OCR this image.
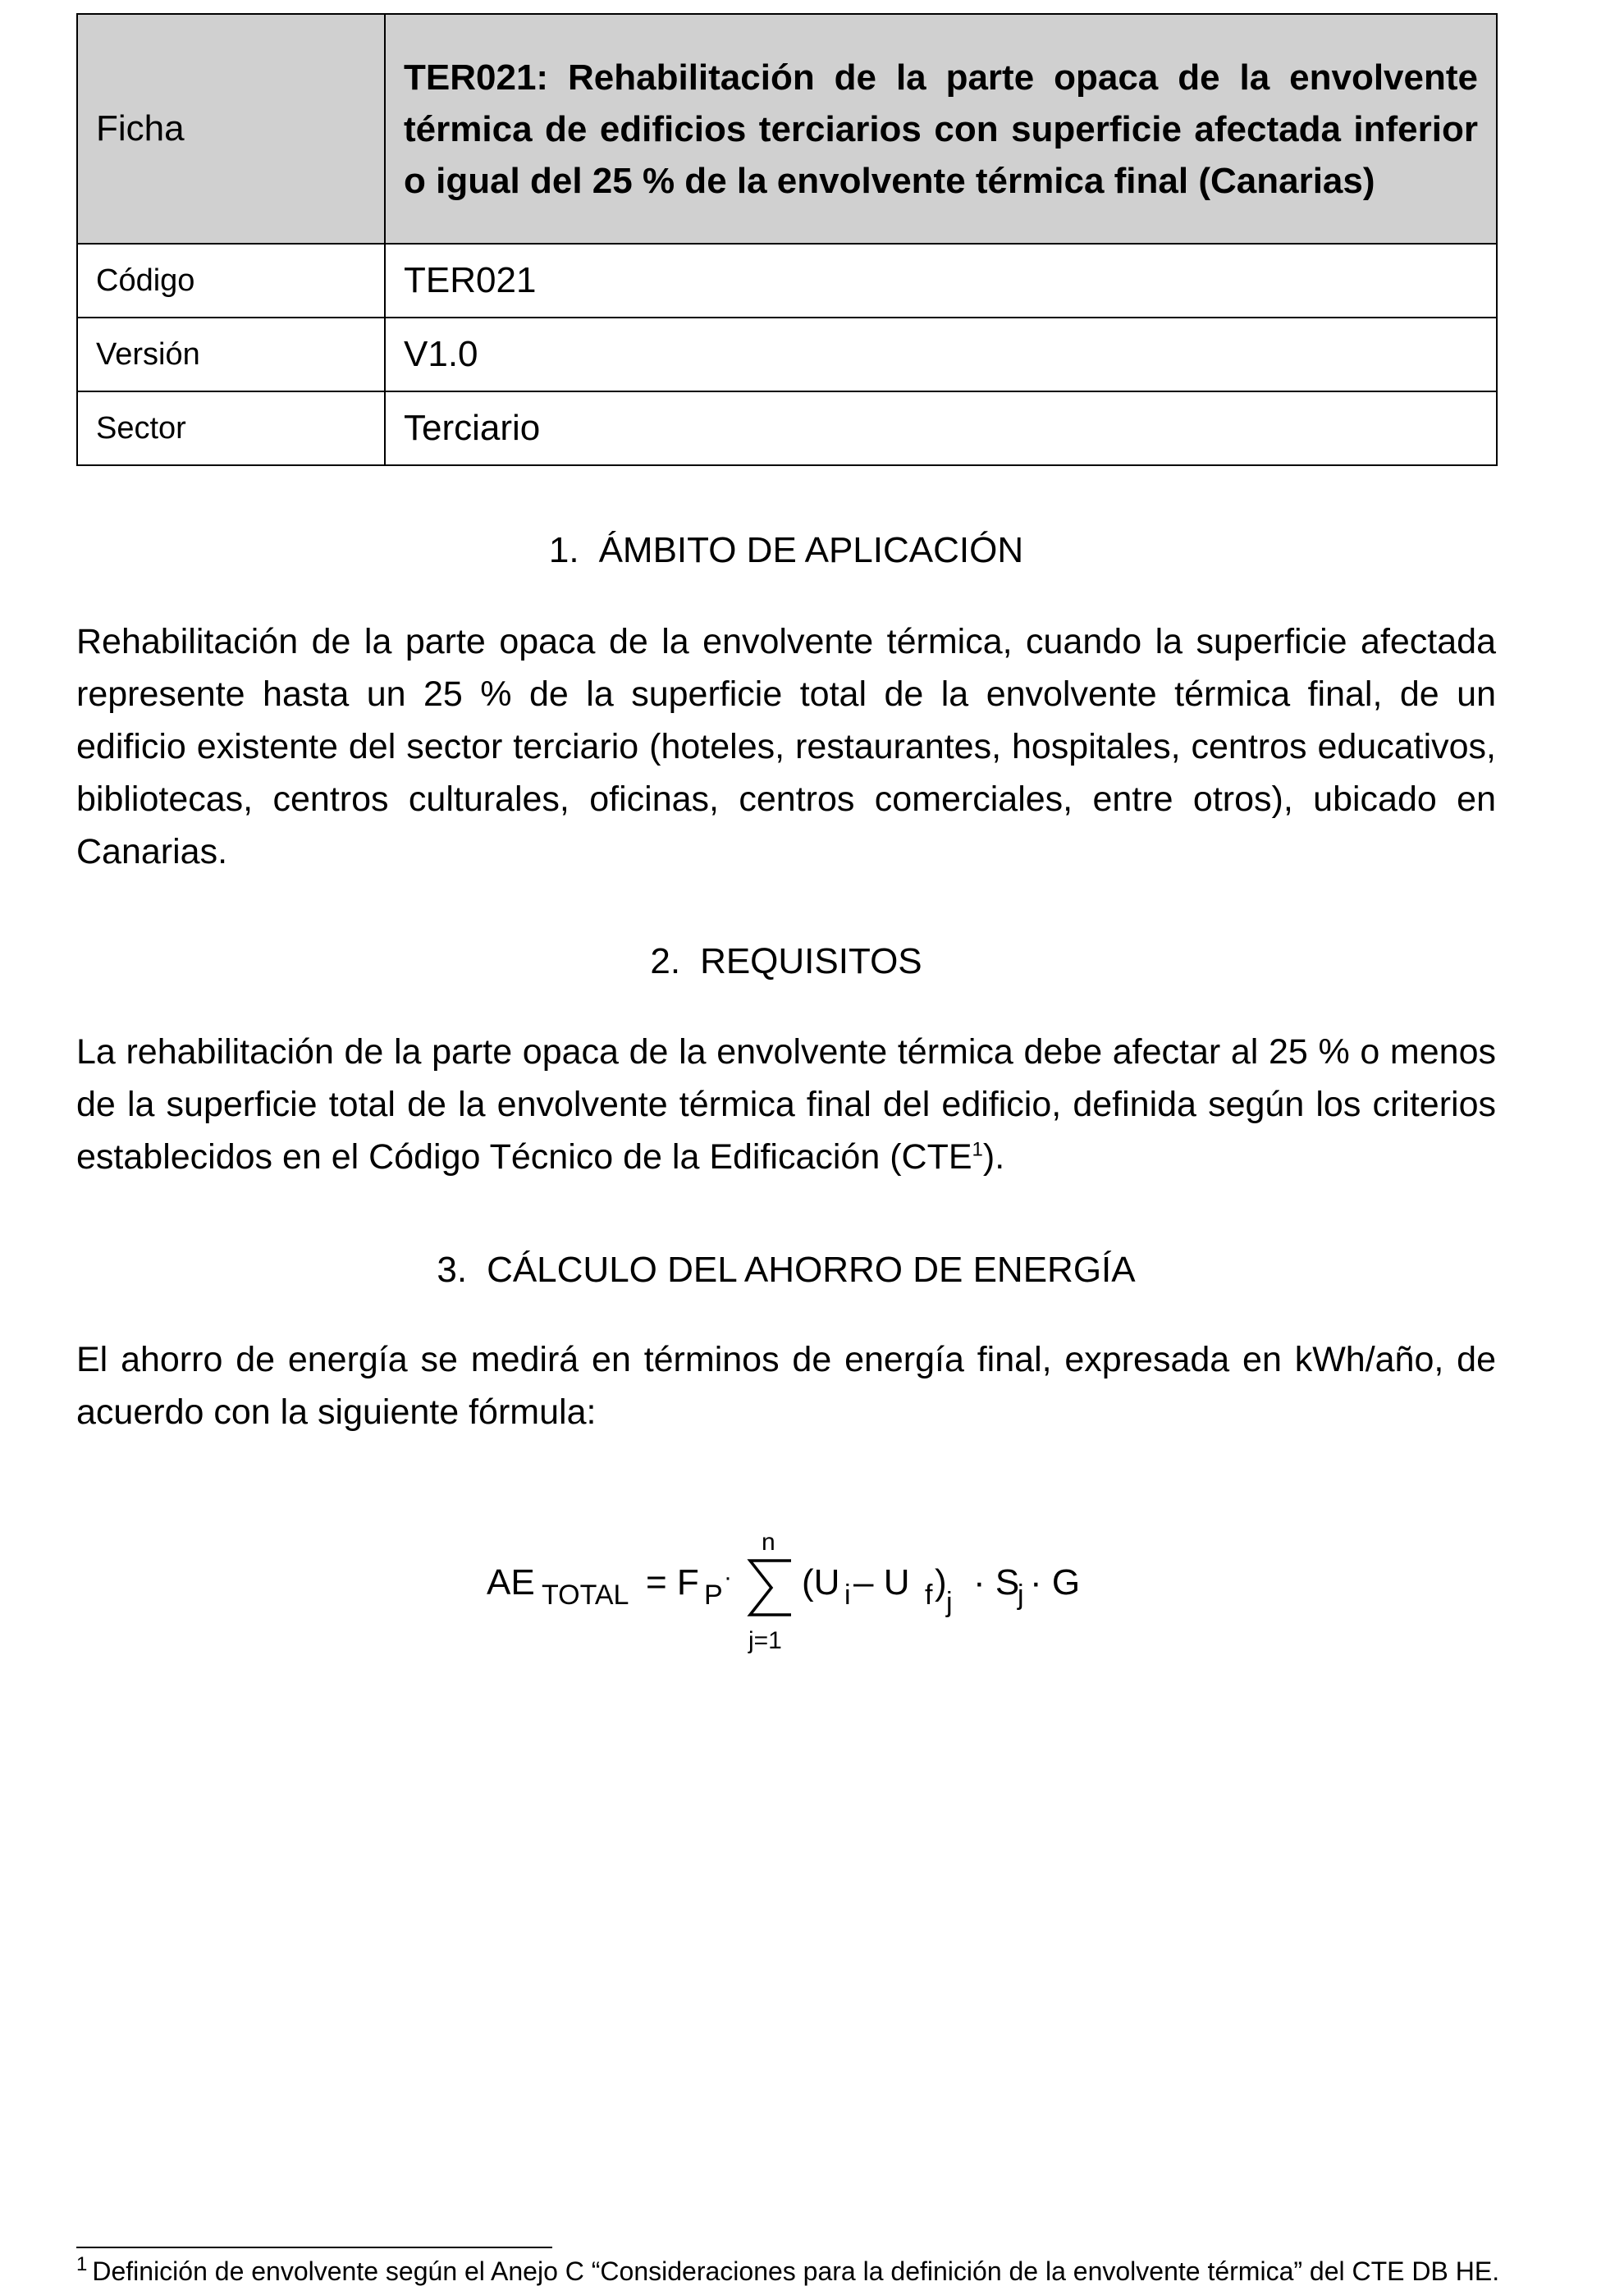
Ficha	TER021: Rehabilitación de la parte opaca de la envolvente térmica de edificios terciarios con superficie afectada inferior o igual del 25 % de la envolvente térmica final (Canarias)
Código	TER021
Versión	V1.0
Sector	Terciario
1. ÁMBITO DE APLICACIÓN

Rehabilitación de la parte opaca de la envolvente térmica, cuando la superficie afectada represente hasta un 25 % de la superficie total de la envolvente térmica final, de un edificio existente del sector terciario (hoteles, restaurantes, hospitales, centros educativos, bibliotecas, centros culturales, oficinas, centros comerciales, entre otros), ubicado en Canarias.

2. REQUISITOS

La rehabilitación de la parte opaca de la envolvente térmica debe afectar al 25 % o menos de la superficie total de la envolvente térmica final del edificio, definida según los criterios establecidos en el Código Técnico de la Edificación (CTE$^1$).

3. CÁLCULO DEL AHORRO DE ENERGÍA

El ahorro de energía se medirá en términos de energía final, expresada en kWh/año, de acuerdo con la siguiente fórmula:

AE TOTAL = F P
·
n
j=1
(U i – U f ) j · S
j · G
$^1$ Definición de envolvente según el Anejo C “Consideraciones para la definición de la envolvente térmica” del CTE DB HE.
